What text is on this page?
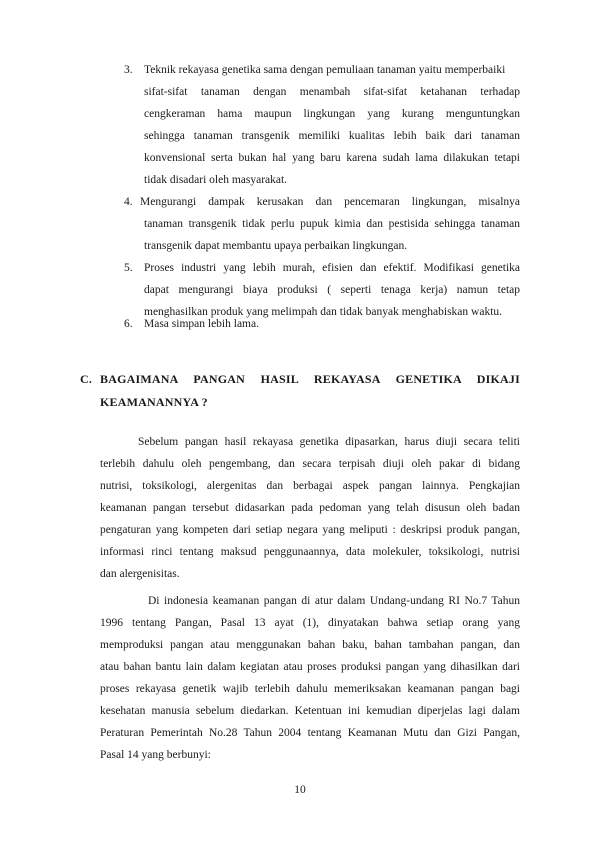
3. Teknik rekayasa genetika sama dengan pemuliaan tanaman yaitu memperbaiki
sifat-sifat tanaman dengan menambah sifat-sifat ketahanan terhadap
cengkeraman hama maupun lingkungan yang kurang menguntungkan
sehingga tanaman transgenik memiliki kualitas lebih baik dari tanaman
konvensional serta bukan hal yang baru karena sudah lama dilakukan tetapi
tidak disadari oleh masyarakat.
4. Mengurangi dampak kerusakan dan pencemaran lingkungan, misalnya
tanaman transgenik tidak perlu pupuk kimia dan pestisida sehingga tanaman
transgenik dapat membantu upaya perbaikan lingkungan.
5. Proses industri yang lebih murah, efisien dan efektif. Modifikasi genetika
dapat mengurangi biaya produksi ( seperti tenaga kerja) namun tetap
menghasilkan produk yang melimpah dan tidak banyak menghabiskan waktu.
6. Masa simpan lebih lama.
C. BAGAIMANA PANGAN HASIL REKAYASA GENETIKA DIKAJI
KEAMANANNYA ?
Sebelum pangan hasil rekayasa genetika dipasarkan, harus diuji secara teliti
terlebih dahulu oleh pengembang, dan secara terpisah diuji oleh pakar di bidang
nutrisi, toksikologi, alergenitas dan berbagai aspek pangan lainnya. Pengkajian
keamanan pangan tersebut didasarkan pada pedoman yang telah disusun oleh badan
pengaturan yang kompeten dari setiap negara yang meliputi : deskripsi produk pangan,
informasi rinci tentang maksud penggunaannya, data molekuler, toksikologi, nutrisi
dan alergenisitas.
Di indonesia keamanan pangan di atur dalam Undang-undang RI No.7 Tahun
1996 tentang Pangan, Pasal 13 ayat (1), dinyatakan bahwa setiap orang yang
memproduksi pangan atau menggunakan bahan baku, bahan tambahan pangan, dan
atau bahan bantu lain dalam kegiatan atau proses produksi pangan yang dihasilkan dari
proses rekayasa genetik wajib terlebih dahulu memeriksakan keamanan pangan bagi
kesehatan manusia sebelum diedarkan. Ketentuan ini kemudian diperjelas lagi dalam
Peraturan Pemerintah No.28 Tahun 2004 tentang Keamanan Mutu dan Gizi Pangan,
Pasal 14 yang berbunyi:
10
